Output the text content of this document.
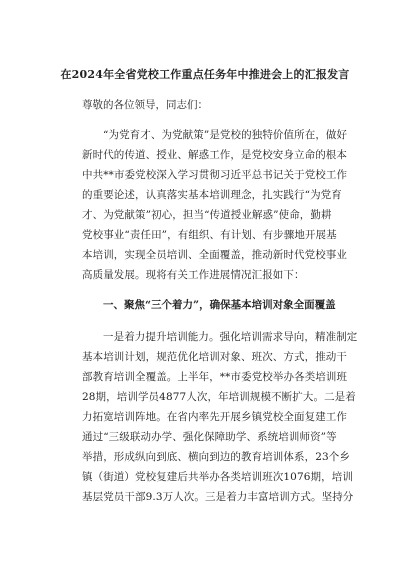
在2024年全省党校工作重点任务年中推进会上的汇报发言
尊敬的各位领导，同志们：
“为党育才、为党献策”是党校的独特价值所在，做好
新时代的传道、授业、解惑工作，是党校安身立命的根本
中共**市委党校深入学习贯彻习近平总书记关于党校工作
的重要论述，认真落实基本培训理念，扎实践行“为党育
才、为党献策”初心，担当“传道授业解惑”使命，勤耕
党校事业“责任田”，有组织、有计划、有步骤地开展基
本培训，实现全员培训、全面覆盖，推动新时代党校事业
高质量发展。现将有关工作进展情况汇报如下：
一、聚焦“三个着力”，确保基本培训对象全面覆盖
一是着力提升培训能力。强化培训需求导向，精准制定
基本培训计划，规范优化培训对象、班次、方式，推动干
部教育培训全覆盖。上半年，**市委党校举办各类培训班
28期，培训学员4877人次，年培训规模不断扩大。二是着
力拓宽培训阵地。在省内率先开展乡镇党校全面复建工作
通过“三级联动办学、强化保障助学、系统培训师资”等
举措，形成纵向到底、横向到边的教育培训体系，23个乡
镇（街道）党校复建后共举办各类培训班次1076期，培训
基层党员干部9.3万人次。三是着力丰富培训方式。坚持分
